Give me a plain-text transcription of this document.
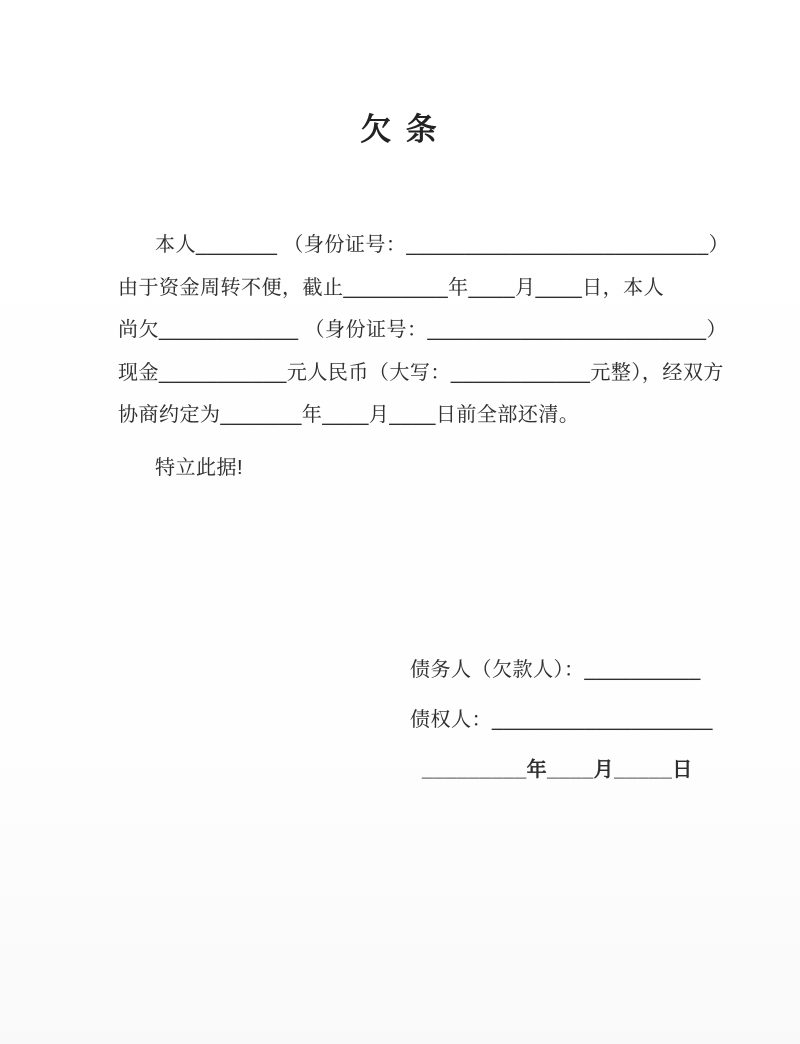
欠 条
本人_______ （身份证号：__________________________）
由于资金周转不便，截止_________年____月____日，本人
尚欠____________ （身份证号：________________________）
现金___________元人民币（大写：____________元整），经双方
协商约定为_______年____月____日前全部还清。
特立此据!
债务人（欠款人）：__________
债权人：___________________
_________年____月_____日
